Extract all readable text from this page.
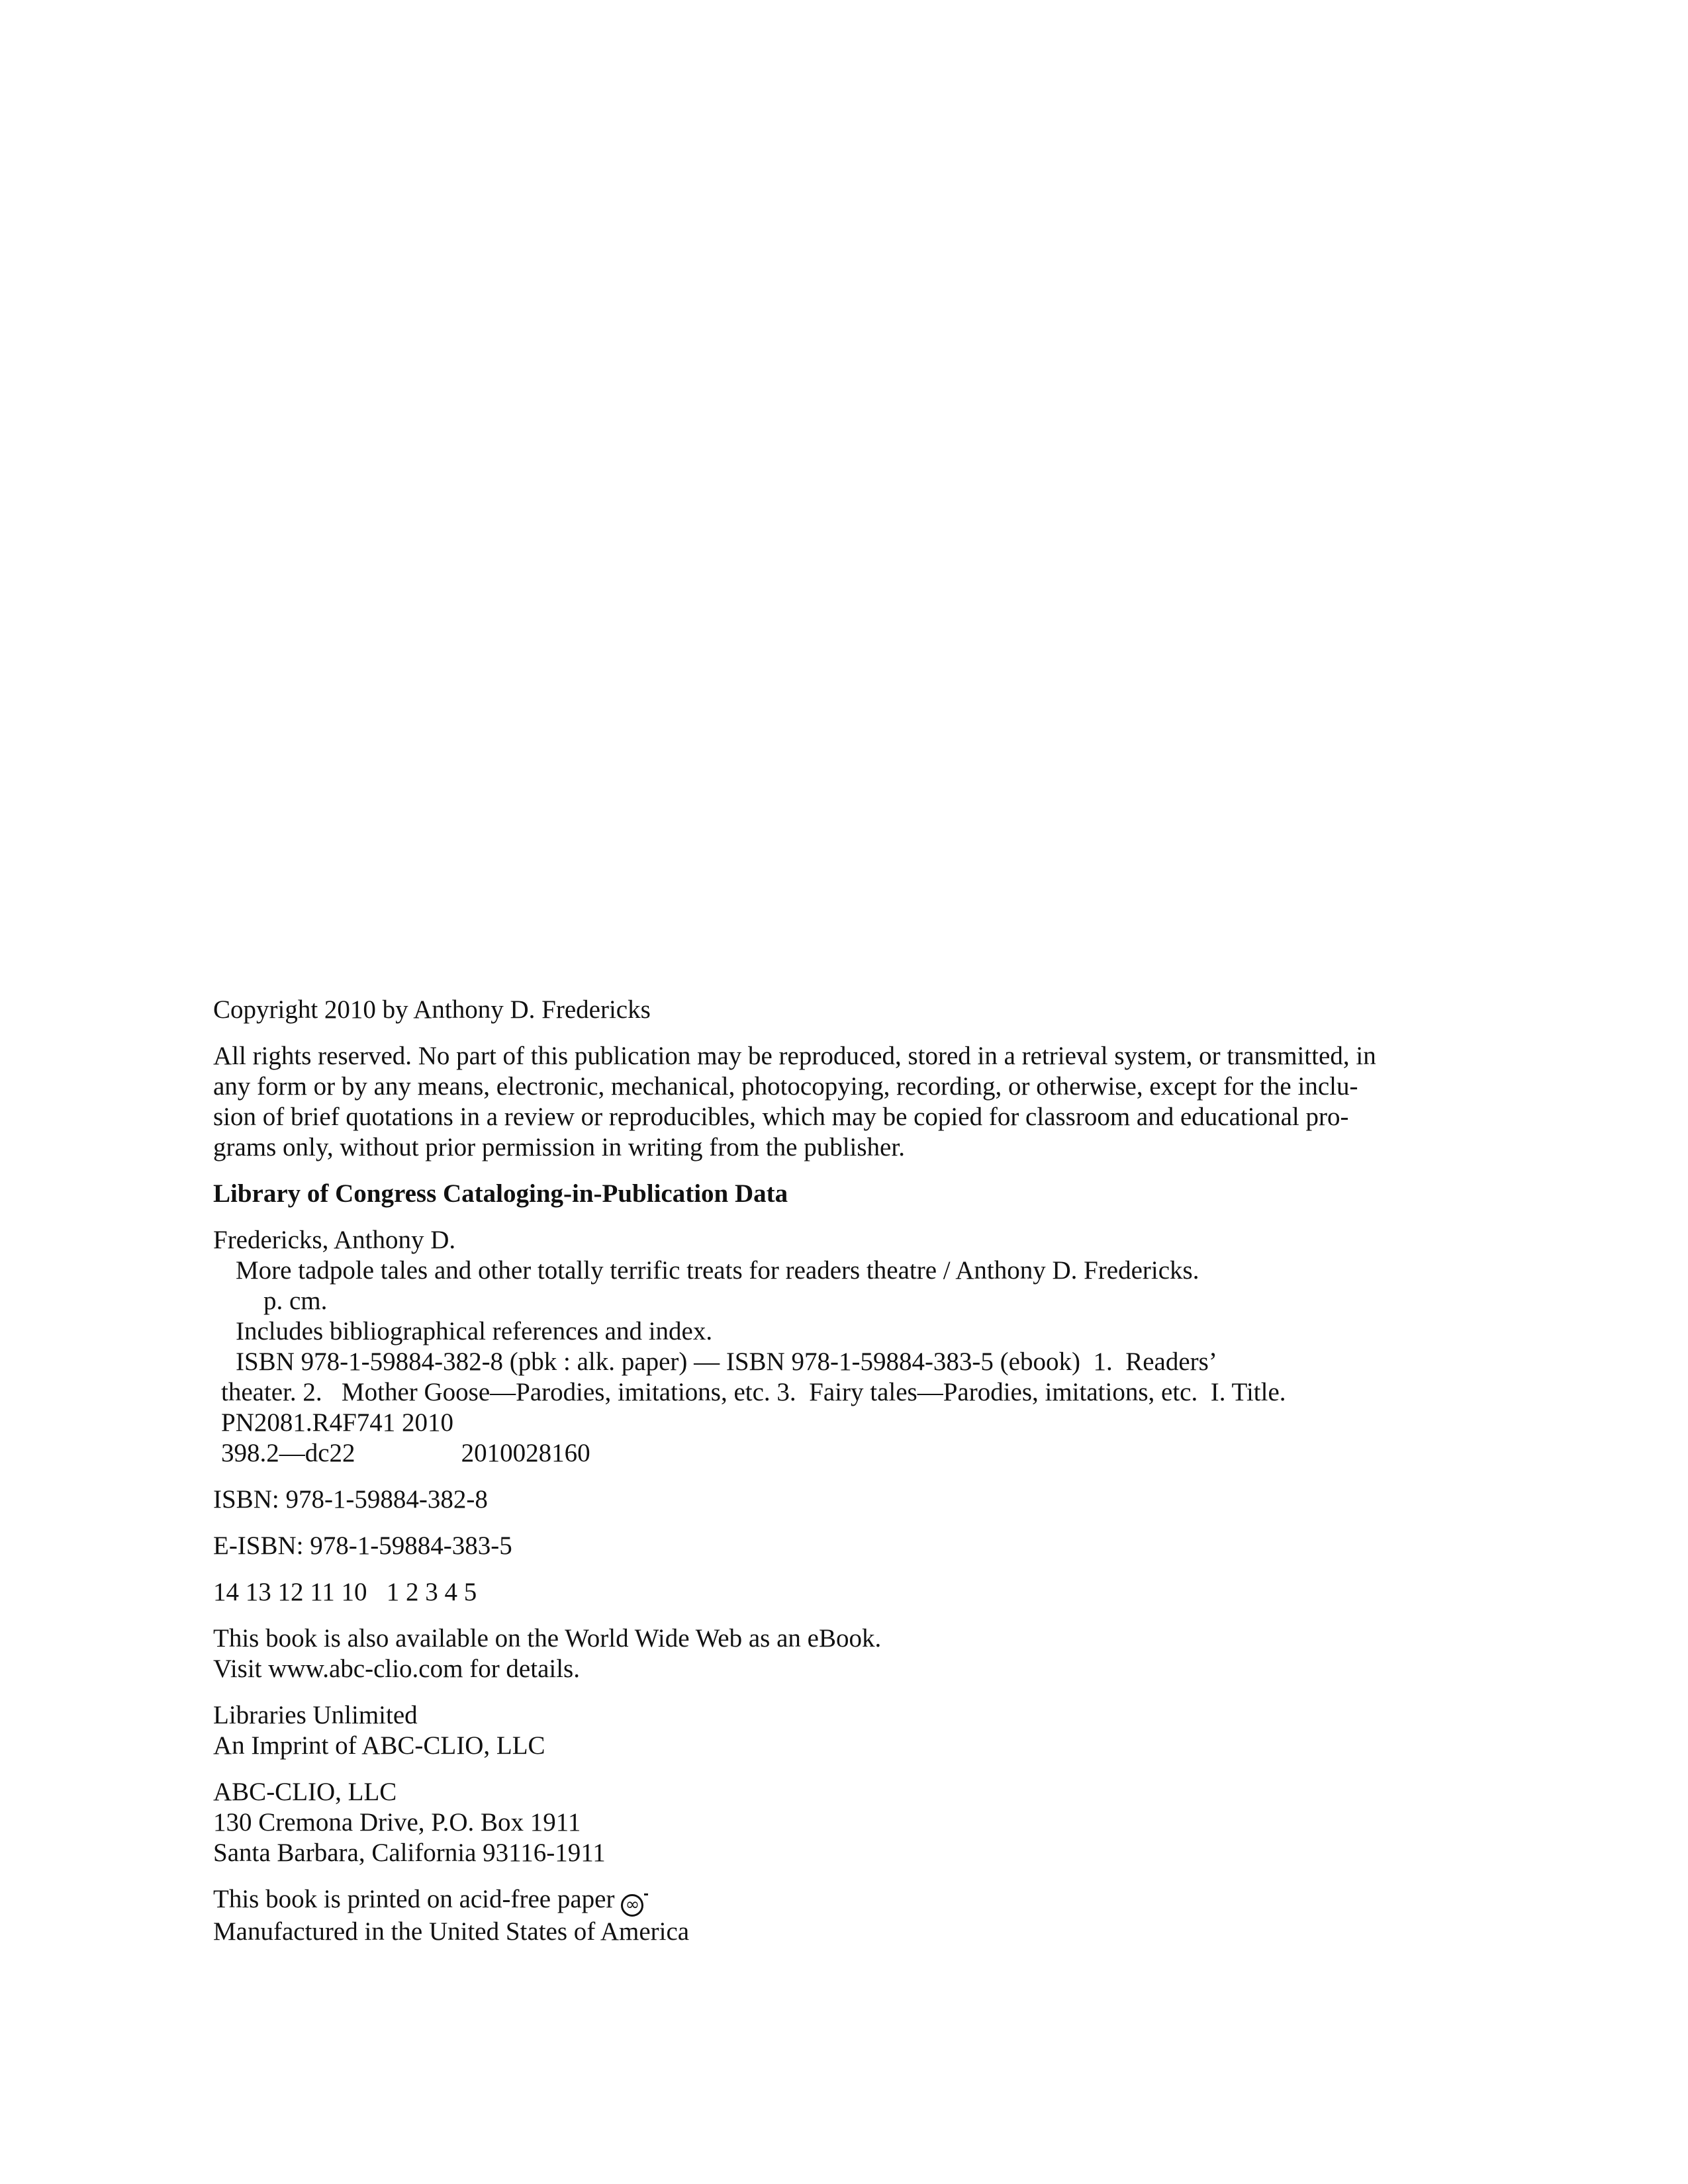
Copyright 2010 by Anthony D. Fredericks
All rights reserved. No part of this publication may be reproduced, stored in a retrieval system, or transmitted, in
any form or by any means, electronic, mechanical, photocopying, recording, or otherwise, except for the inclu-
sion of brief quotations in a review or reproducibles, which may be copied for classroom and educational pro-
grams only, without prior permission in writing from the publisher.
Library of Congress Cataloging-in-Publication Data
Fredericks, Anthony D.
More tadpole tales and other totally terrific treats for readers theatre / Anthony D. Fredericks.
p. cm.
Includes bibliographical references and index.
ISBN 978-1-59884-382-8 (pbk : alk. paper) — ISBN 978-1-59884-383-5 (ebook)  1.  Readers’
theater. 2.   Mother Goose—Parodies, imitations, etc. 3.  Fairy tales—Parodies, imitations, etc.  I. Title.
PN2081.R4F741 2010
398.2—dc22	2010028160
ISBN: 978-1-59884-382-8
E-ISBN: 978-1-59884-383-5
14 13 12 11 10   1 2 3 4 5
This book is also available on the World Wide Web as an eBook.
Visit www.abc-clio.com for details.
Libraries Unlimited
An Imprint of ABC-CLIO, LLC
ABC-CLIO, LLC
130 Cremona Drive, P.O. Box 1911
Santa Barbara, California 93116-1911
This book is printed on acid-free paper ∞
Manufactured in the United States of America
